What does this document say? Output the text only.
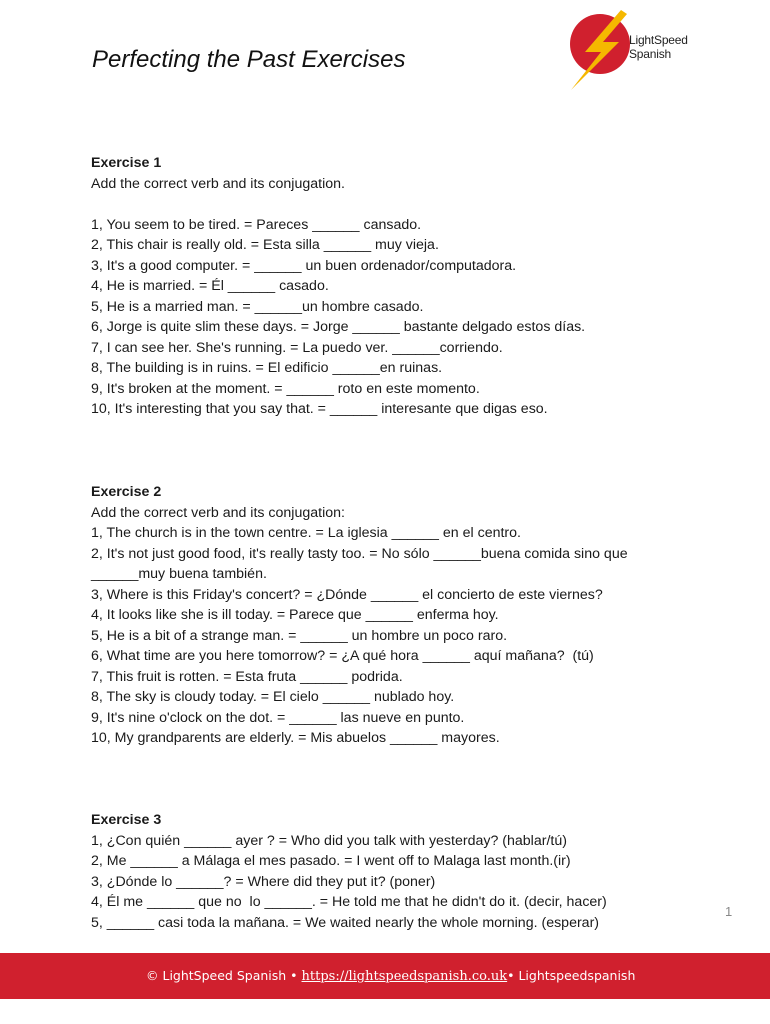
Perfecting the Past Exercises
LightSpeed
Spanish
Exercise 1
Add the correct verb and its conjugation.
1, You seem to be tired. = Pareces ______ cansado.
2, This chair is really old. = Esta silla ______ muy vieja.
3, It's a good computer. = ______ un buen ordenador/computadora.
4, He is married. = Él ______ casado.
5, He is a married man. = ______un hombre casado.
6, Jorge is quite slim these days. = Jorge ______ bastante delgado estos días.
7, I can see her. She's running. = La puedo ver. ______corriendo.
8, The building is in ruins. = El edificio ______en ruinas.
9, It's broken at the moment. = ______ roto en este momento.
10, It's interesting that you say that. = ______ interesante que digas eso.
Exercise 2
Add the correct verb and its conjugation:
1, The church is in the town centre. = La iglesia ______ en el centro.
2, It's not just good food, it's really tasty too. = No sólo ______buena comida sino que
______muy buena también.
3, Where is this Friday's concert? = ¿Dónde ______ el concierto de este viernes?
4, It looks like she is ill today. = Parece que ______ enferma hoy.
5, He is a bit of a strange man. = ______ un hombre un poco raro.
6, What time are you here tomorrow? = ¿A qué hora ______ aquí mañana?  (tú)
7, This fruit is rotten. = Esta fruta ______ podrida.
8, The sky is cloudy today. = El cielo ______ nublado hoy.
9, It's nine o'clock on the dot. = ______ las nueve en punto.
10, My grandparents are elderly. = Mis abuelos ______ mayores.
Exercise 3
1, ¿Con quién ______ ayer ? = Who did you talk with yesterday? (hablar/tú)
2, Me ______ a Málaga el mes pasado. = I went off to Malaga last month.(ir)
3, ¿Dónde lo ______? = Where did they put it? (poner)
4, Él me ______ que no  lo ______. = He told me that he didn't do it. (decir, hacer)
5, ______ casi toda la mañana. = We waited nearly the whole morning. (esperar)
1
© LightSpeed Spanish • https://lightspeedspanish.co.uk• Lightspeedspanish
